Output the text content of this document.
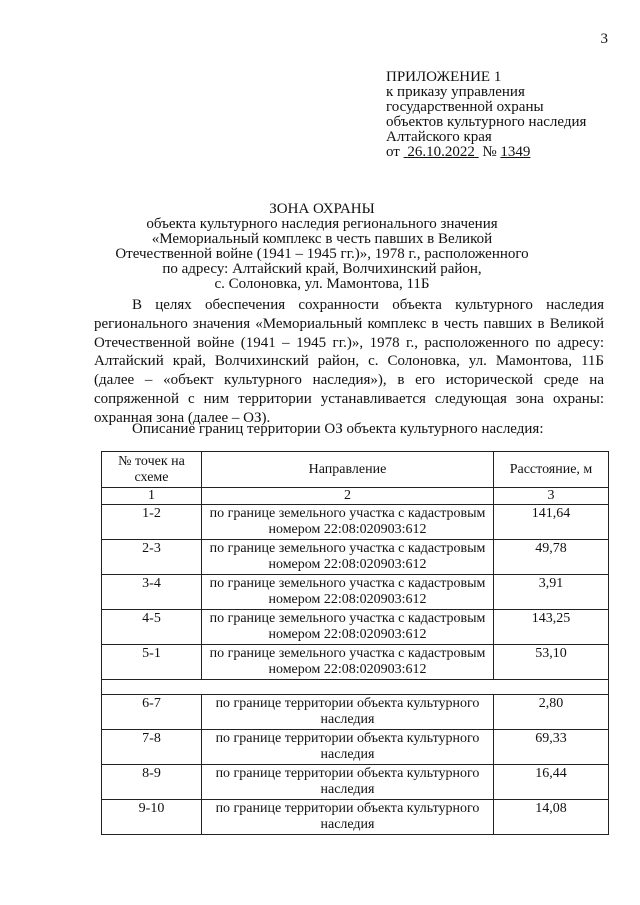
3
ПРИЛОЖЕНИЕ 1
к приказу управления
государственной охраны
объектов культурного наследия
Алтайского края
от 26.10.2022 № 1349
ЗОНА ОХРАНЫ
объекта культурного наследия регионального значения
«Мемориальный комплекс в честь павших в Великой
Отечественной войне (1941 – 1945 гг.)», 1978 г., расположенного
по адресу: Алтайский край, Волчихинский район,
с. Солоновка, ул. Мамонтова, 11Б

В целях обеспечения сохранности объекта культурного наследия регионального значения «Мемориальный комплекс в честь павших в Великой Отечественной войне (1941 – 1945 гг.)», 1978 г., расположенного по адресу: Алтайский край, Волчихинский район, с. Солоновка, ул. Мамонтова, 11Б (далее – «объект культурного наследия»), в его исторической среде на сопряженной с ним территории устанавливается следующая зона охраны: охранная зона (далее – ОЗ).

Описание границ территории ОЗ объекта культурного наследия:
№ точек на схеме	Направление	Расстояние, м
1	2	3
1-2	по границе земельного участка с кадастровым номером 22:08:020903:612	141,64
2-3	по границе земельного участка с кадастровым номером 22:08:020903:612	49,78
3-4	по границе земельного участка с кадастровым номером 22:08:020903:612	3,91
4-5	по границе земельного участка с кадастровым номером 22:08:020903:612	143,25
5-1	по границе земельного участка с кадастровым номером 22:08:020903:612	53,10

6-7	по границе территории объекта культурного наследия	2,80
7-8	по границе территории объекта культурного наследия	69,33
8-9	по границе территории объекта культурного наследия	16,44
9-10	по границе территории объекта культурного наследия	14,08
